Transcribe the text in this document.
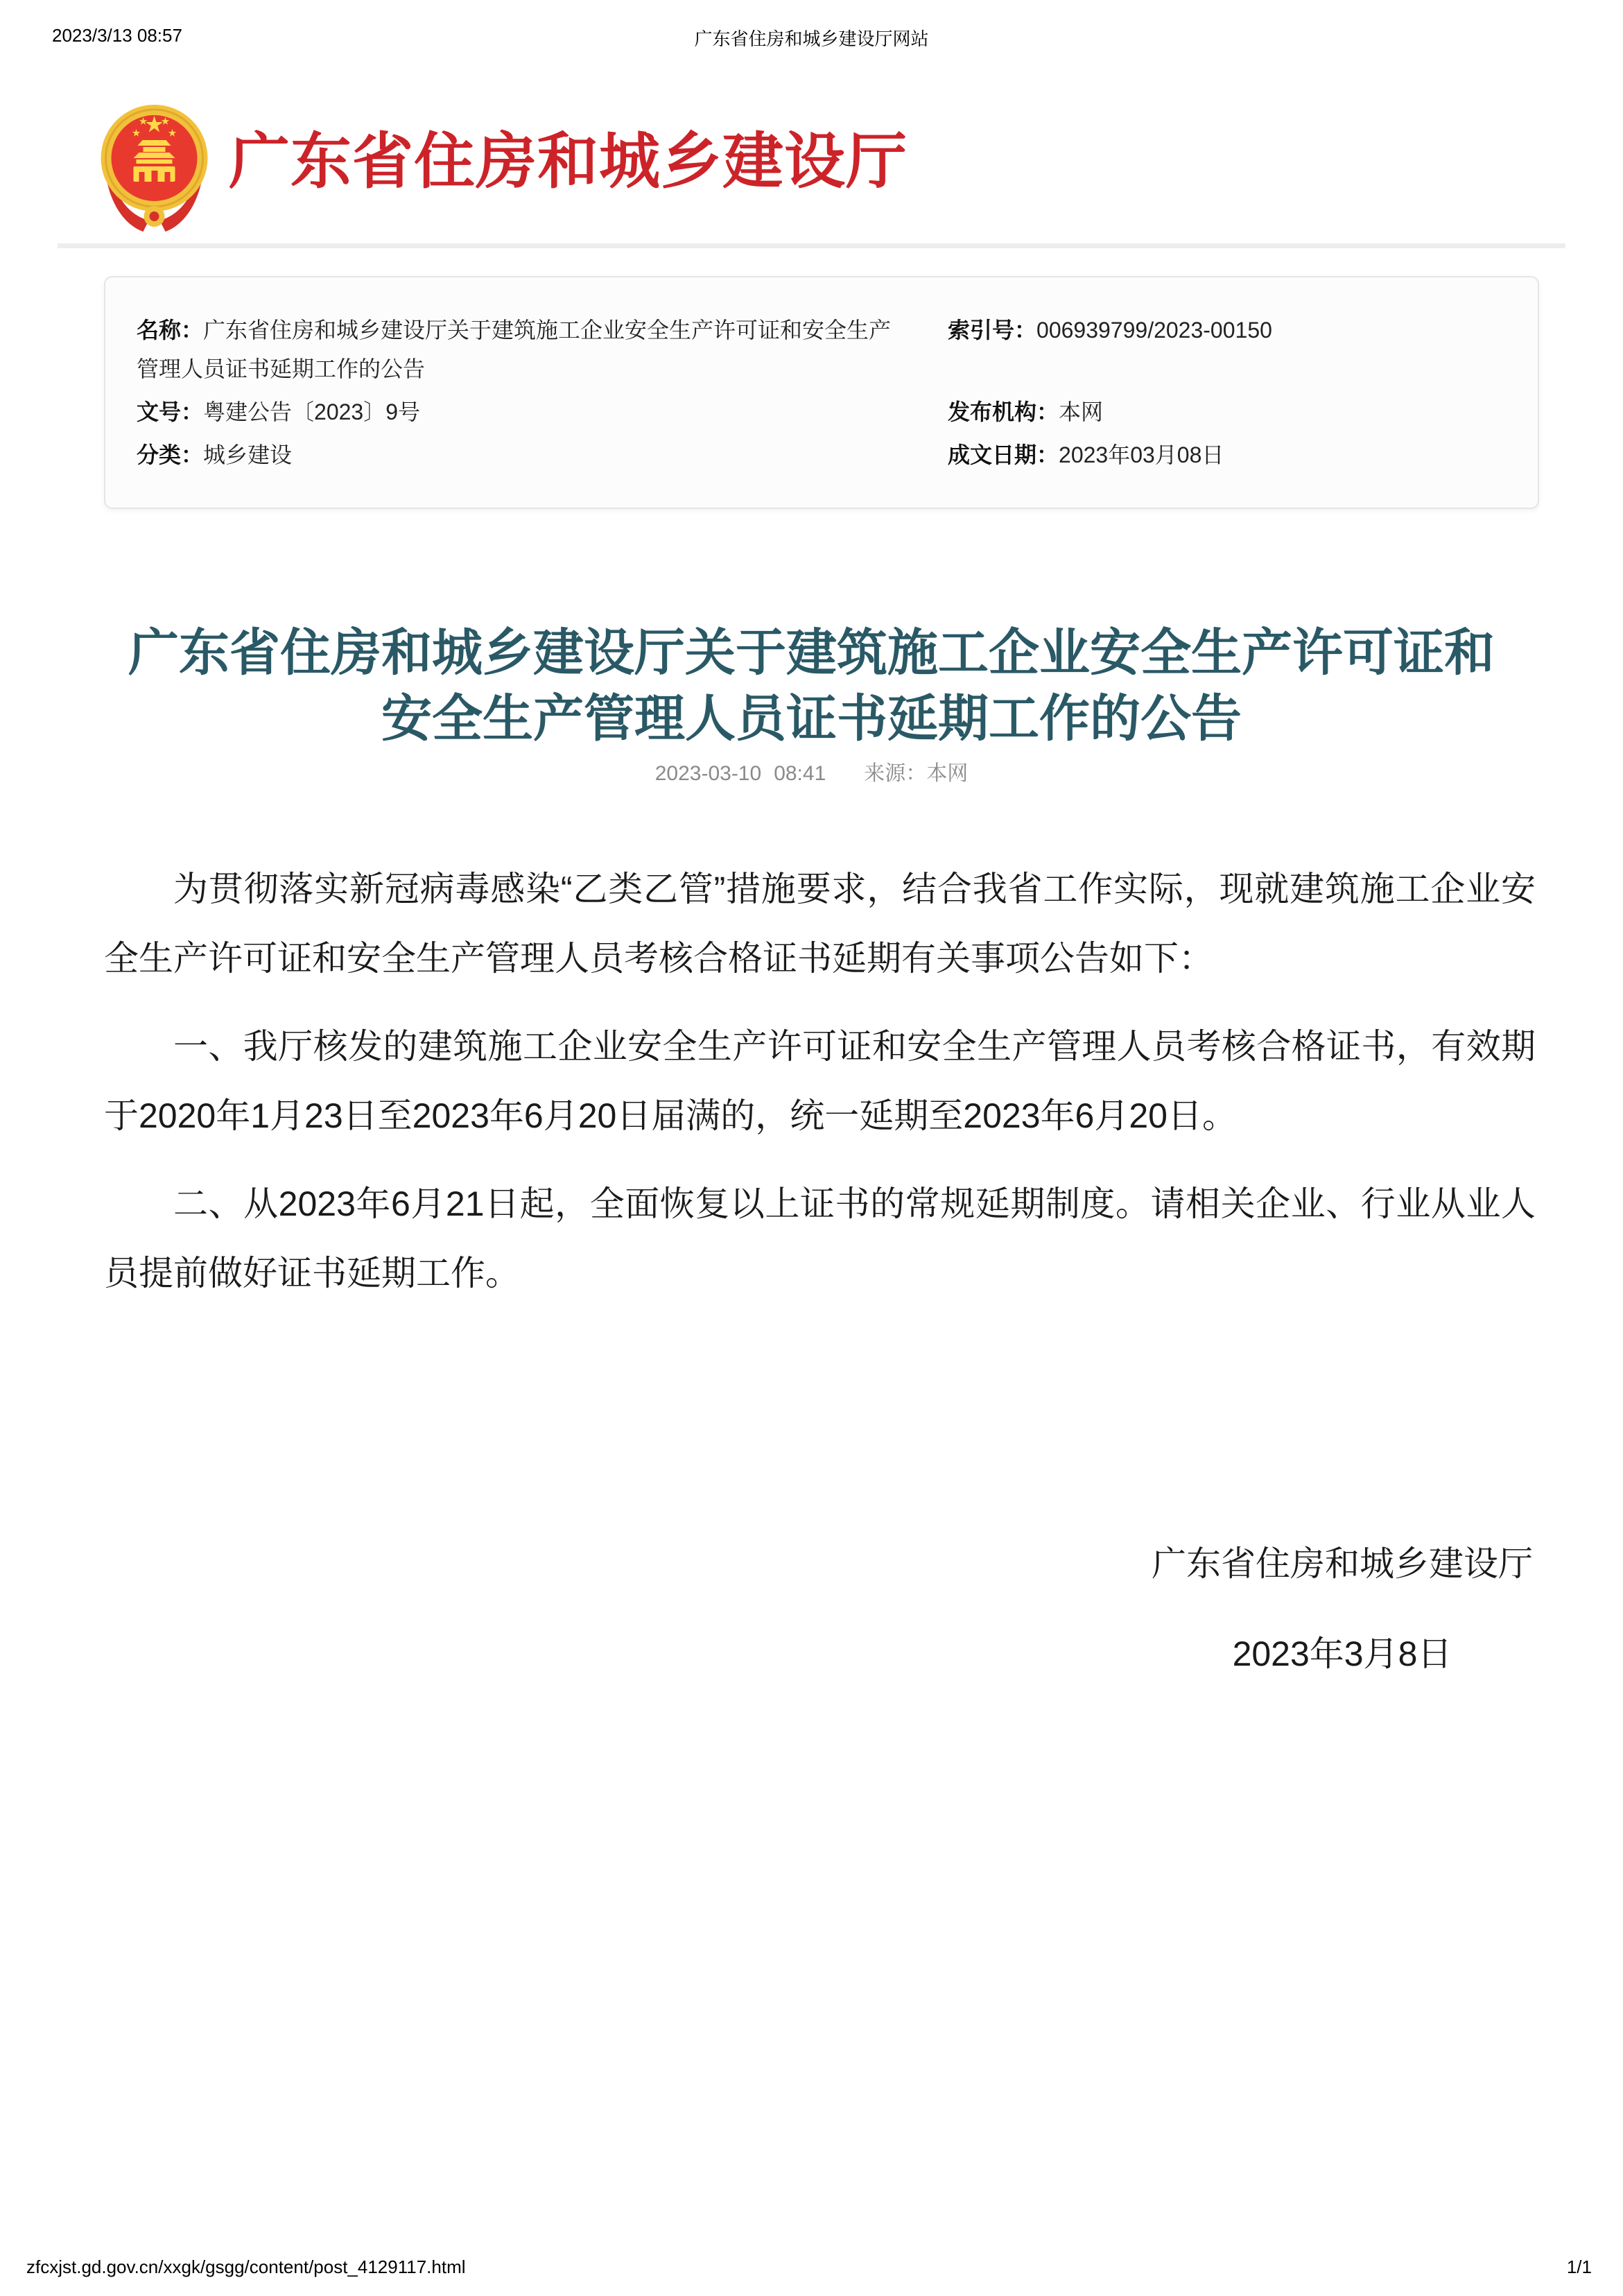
2023/3/13 08:57	广东省住房和城乡建设厅网站
广东省住房和城乡建设厅
名称：广东省住房和城乡建设厅关于建筑施工企业安全生产许可证和安全生产管理人员证书延期工作的公告
索引号：006939799/2023-00150
文号：粤建公告〔2023〕9号	发布机构：本网
分类：城乡建设	成文日期：2023年03月08日
广东省住房和城乡建设厅关于建筑施工企业安全生产许可证和安全生产管理人员证书延期工作的公告
2023-03-10 08:41 来源：本网

为贯彻落实新冠病毒感染“乙类乙管”措施要求，结合我省工作实际，现就建筑施工企业安全生产许可证和安全生产管理人员考核合格证书延期有关事项公告如下：

一、我厅核发的建筑施工企业安全生产许可证和安全生产管理人员考核合格证书，有效期于2020年1月23日至2023年6月20日届满的，统一延期至2023年6月20日。

二、从2023年6月21日起，全面恢复以上证书的常规延期制度。请相关企业、行业从业人员提前做好证书延期工作。

广东省住房和城乡建设厅
2023年3月8日
zfcxjst.gd.gov.cn/xxgk/gsgg/content/post_4129117.html	1/1
